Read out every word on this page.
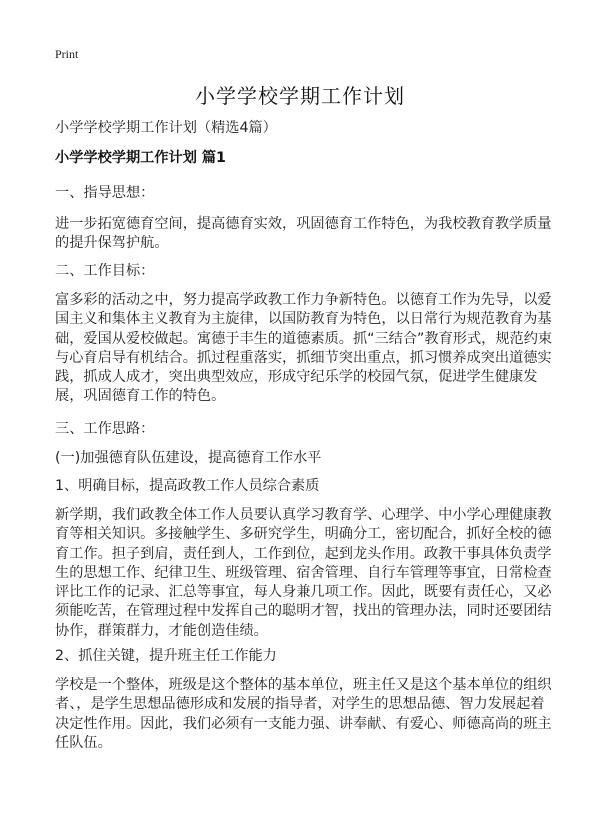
Print
小学学校学期工作计划

小学学校学期工作计划（精选4篇）

小学学校学期工作计划 篇1

一、指导思想：

进一步拓宽德育空间，提高德育实效，巩固德育工作特色，为我校教育教学质量的提升保驾护航。

二、工作目标：

富多彩的活动之中，努力提高学政教工作力争新特色。以德育工作为先导，以爱国主义和集体主义教育为主旋律，以国防教育为特色，以日常行为规范教育为基础，爱国从爱校做起。寓德于丰生的道德素质。抓“三结合”教育形式，规范约束与心育启导有机结合。抓过程重落实，抓细节突出重点，抓习惯养成突出道德实践，抓成人成才，突出典型效应，形成守纪乐学的校园气氛，促进学生健康发展，巩固德育工作的特色。

三、工作思路：

(一)加强德育队伍建设，提高德育工作水平

1、明确目标，提高政教工作人员综合素质

新学期，我们政教全体工作人员要认真学习教育学、心理学、中小学心理健康教育等相关知识。多接触学生、多研究学生，明确分工，密切配合，抓好全校的德育工作。担子到肩，责任到人，工作到位，起到龙头作用。政教干事具体负责学生的思想工作、纪律卫生、班级管理、宿舍管理、自行车管理等事宜，日常检查评比工作的记录、汇总等事宜，每人身兼几项工作。因此，既要有责任心，又必须能吃苦，在管理过程中发挥自己的聪明才智，找出的管理办法，同时还要团结协作，群策群力，才能创造佳绩。

2、抓住关键，提升班主任工作能力

学校是一个整体，班级是这个整体的基本单位，班主任又是这个基本单位的组织者、，是学生思想品德形成和发展的指导者，对学生的思想品德、智力发展起着决定性作用。因此，我们必须有一支能力强、讲奉献、有爱心、师德高尚的班主任队伍。
